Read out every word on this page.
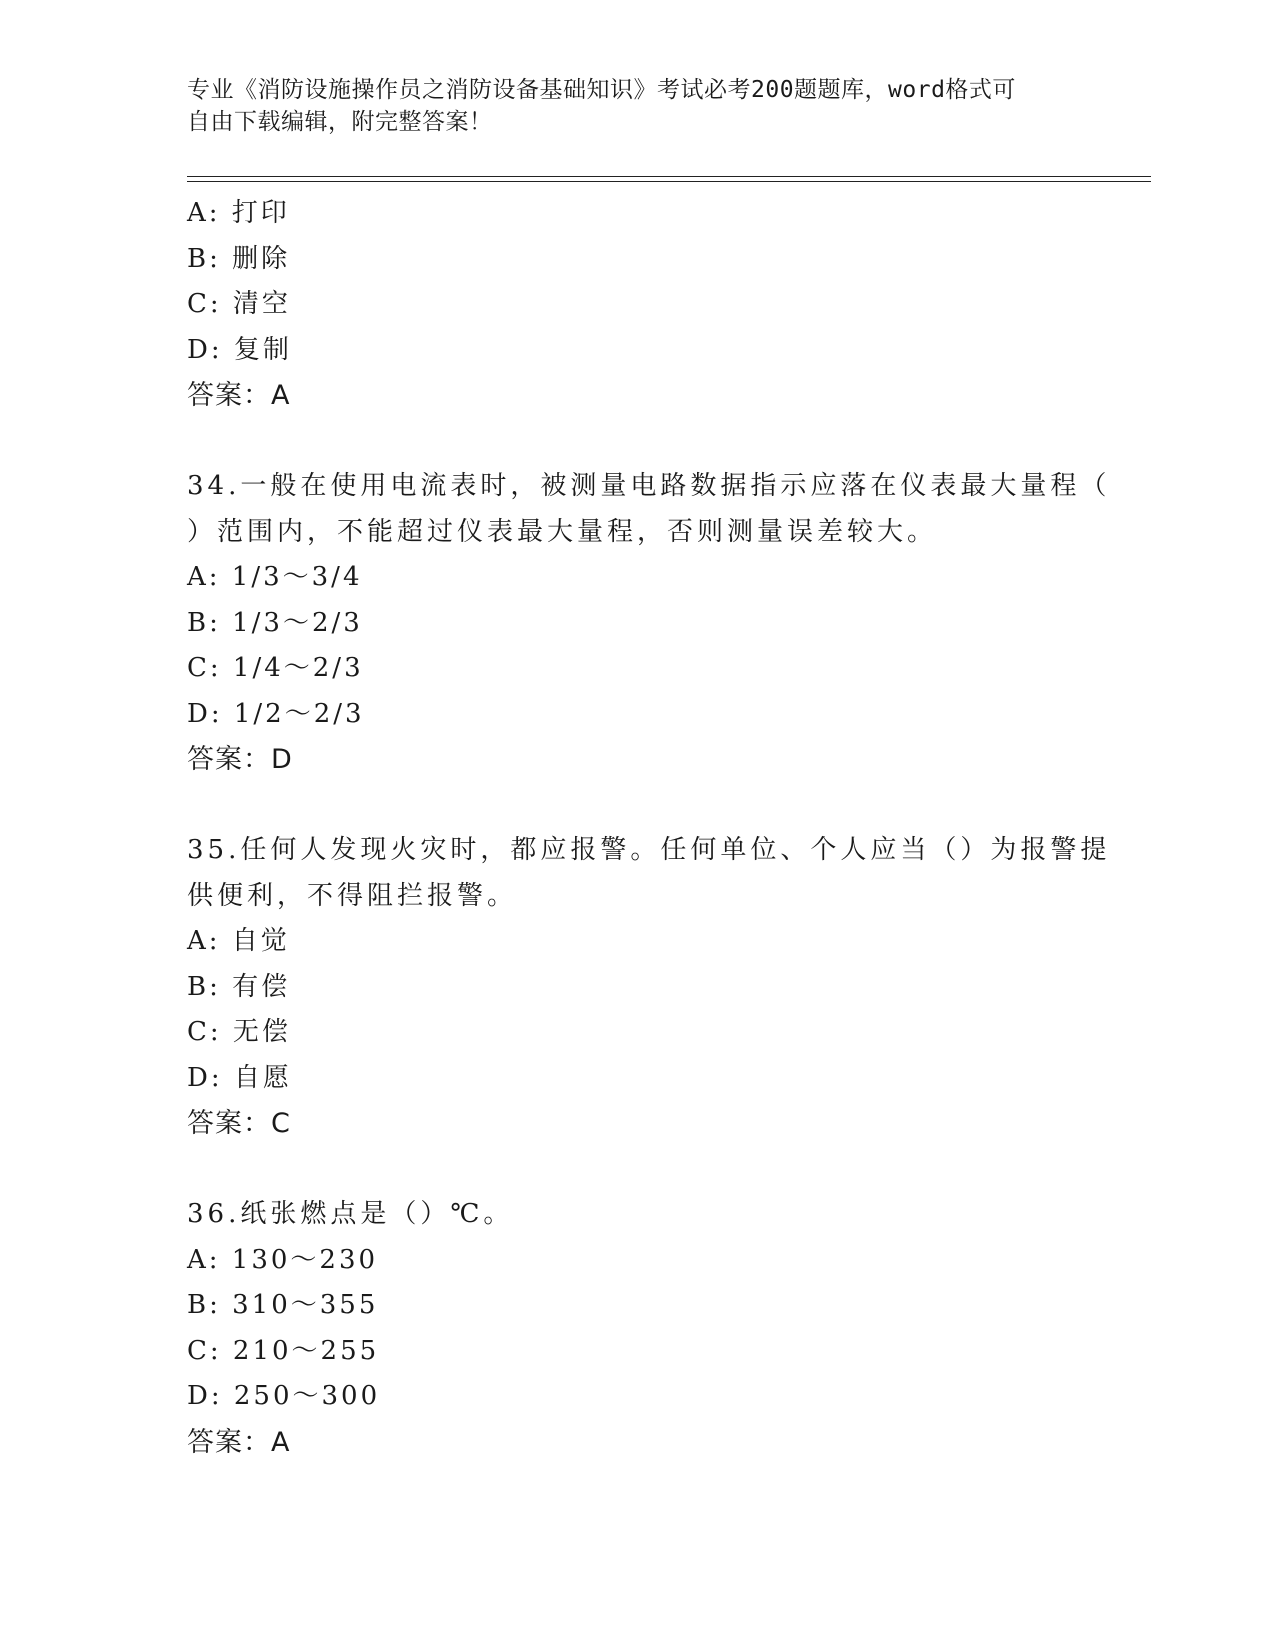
专业《消防设施操作员之消防设备基础知识》考试必考200题题库，word格式可
自由下载编辑，附完整答案！
A: 打印
B: 删除
C: 清空
D: 复制
答案：A
34.一般在使用电流表时，被测量电路数据指示应落在仪表最大量程（
）范围内，不能超过仪表最大量程，否则测量误差较大。
A: 1/3～3/4
B: 1/3～2/3
C: 1/4～2/3
D: 1/2～2/3
答案：D
35.任何人发现火灾时，都应报警。任何单位、个人应当（）为报警提
供便利，不得阻拦报警。
A: 自觉
B: 有偿
C: 无偿
D: 自愿
答案：C
36.纸张燃点是（）℃。
A: 130～230
B: 310～355
C: 210～255
D: 250～300
答案：A
